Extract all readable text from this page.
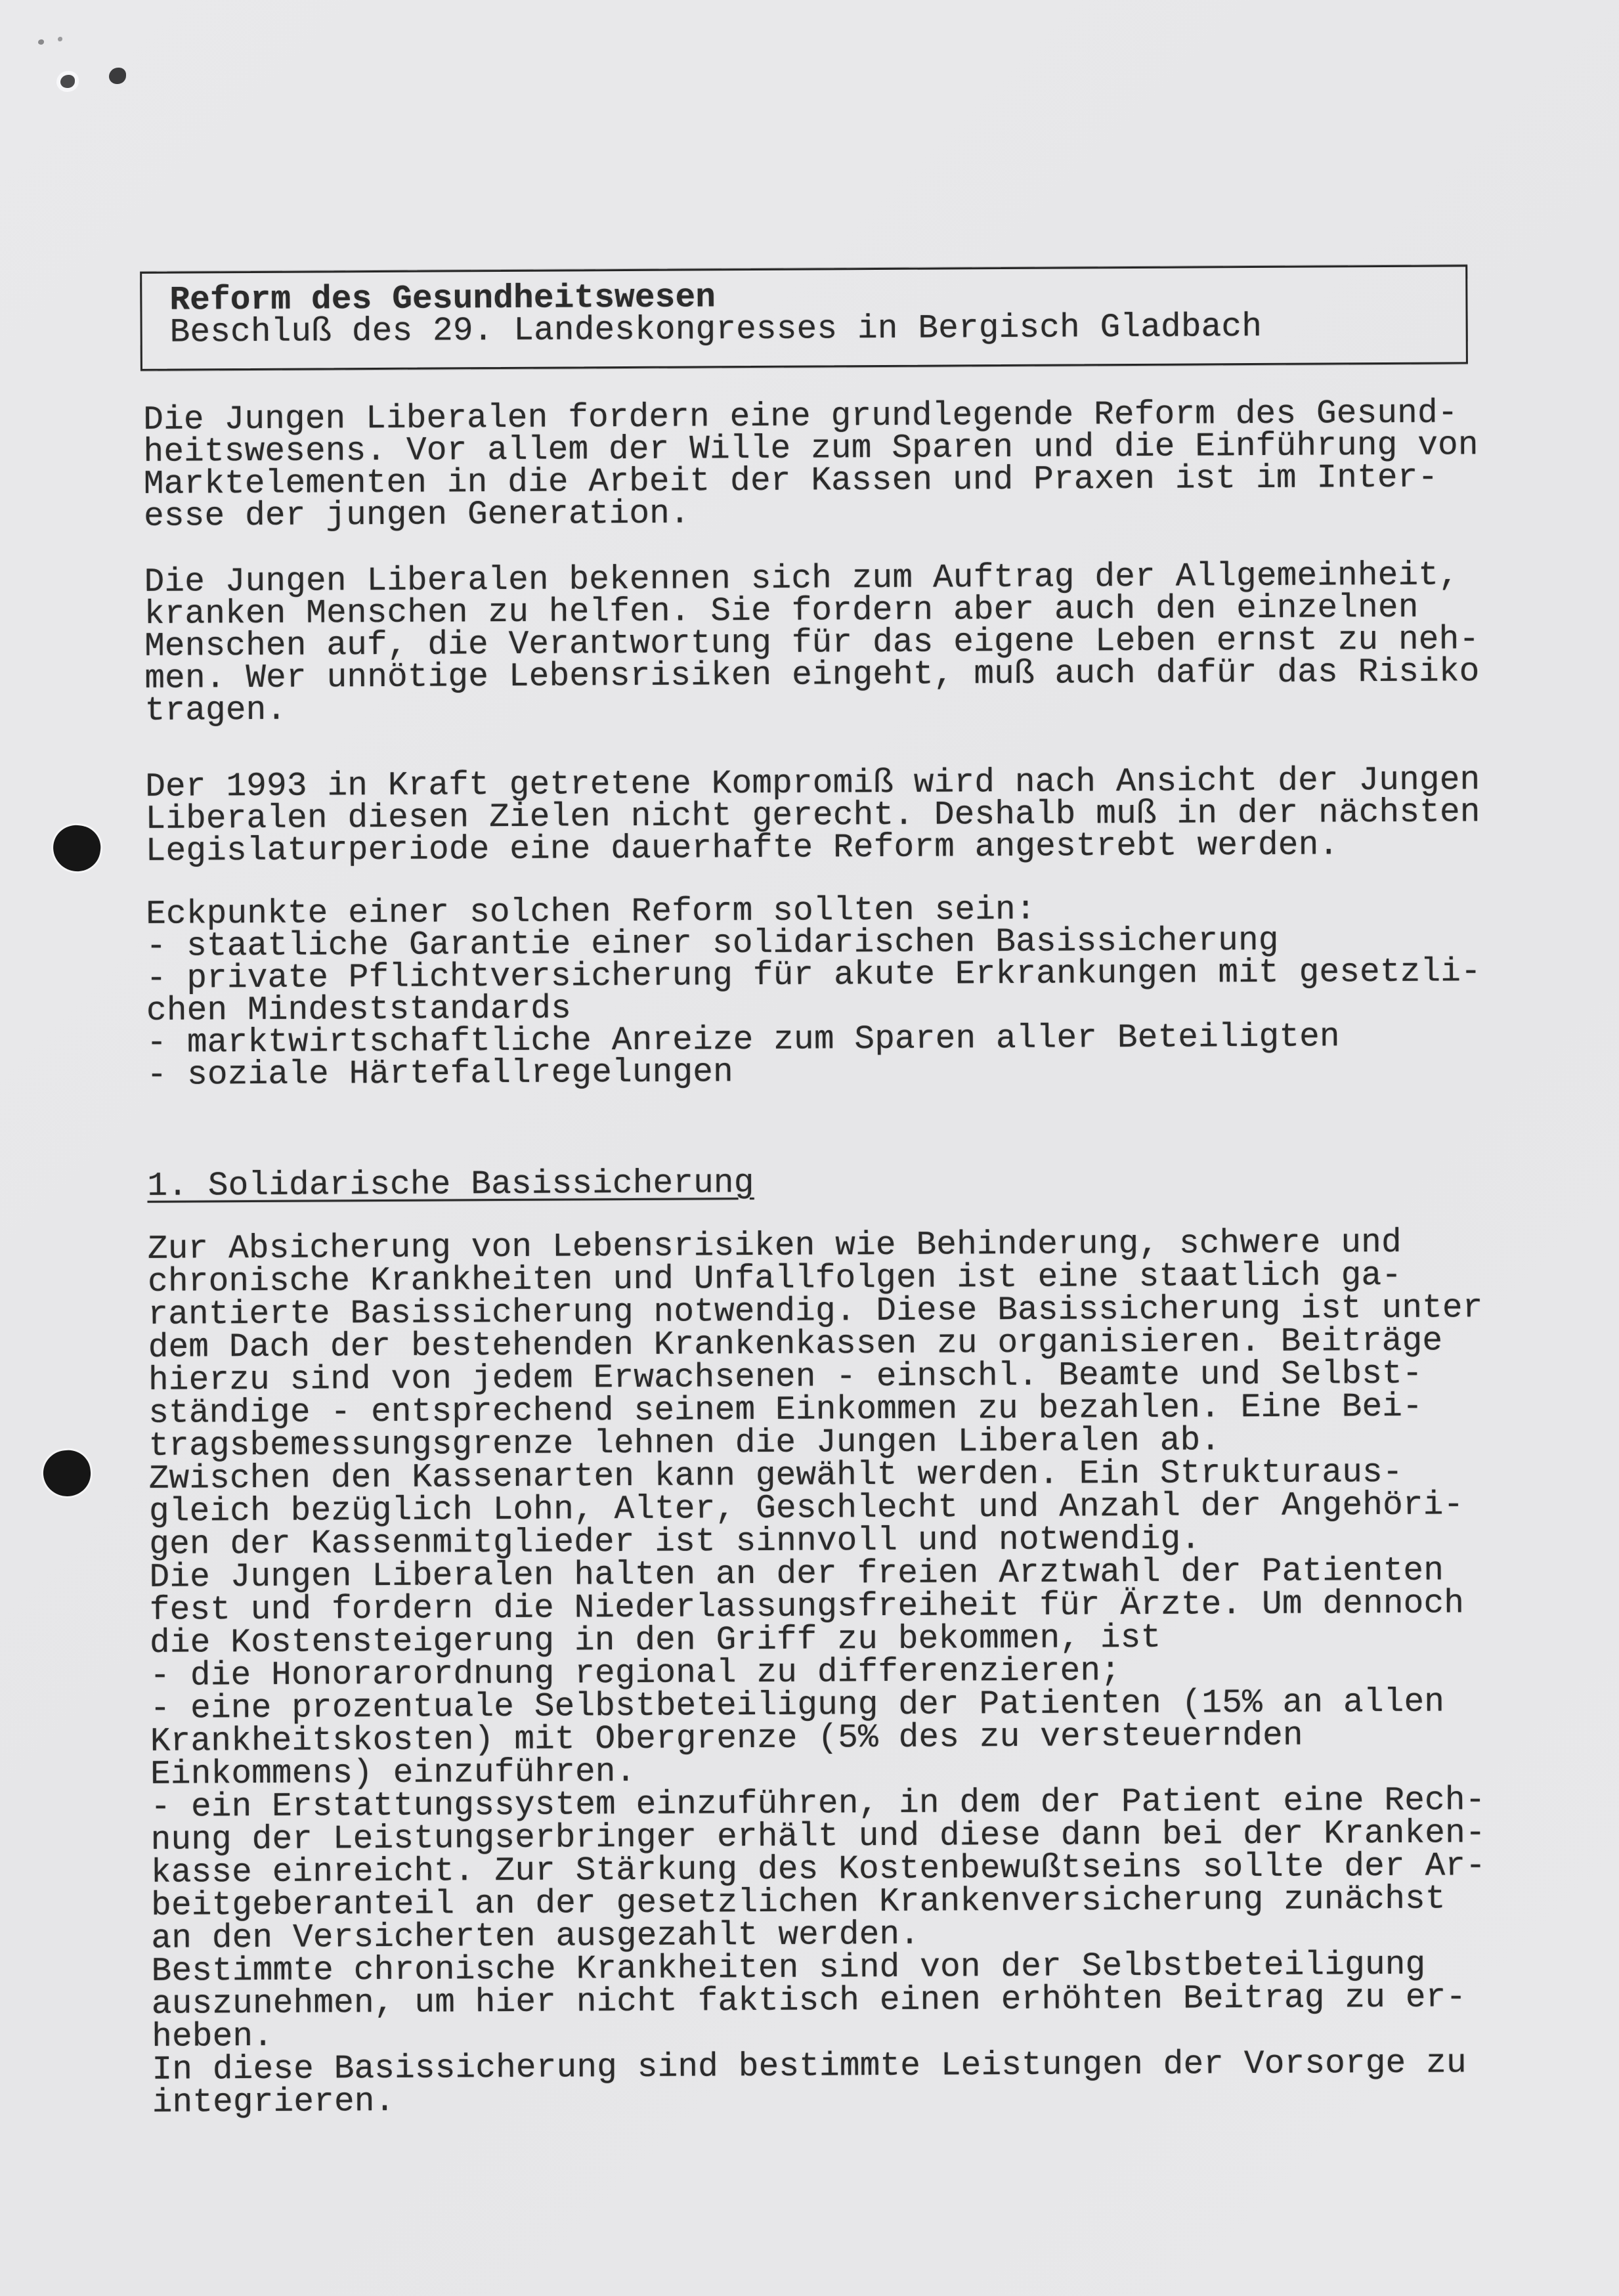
Reform des Gesundheitswesen
Beschluß des 29. Landeskongresses in Bergisch Gladbach
Die Jungen Liberalen fordern eine grundlegende Reform des Gesund-
heitswesens. Vor allem der Wille zum Sparen und die Einführung von
Marktelementen in die Arbeit der Kassen und Praxen ist im Inter-
esse der jungen Generation.
Die Jungen Liberalen bekennen sich zum Auftrag der Allgemeinheit,
kranken Menschen zu helfen. Sie fordern aber auch den einzelnen
Menschen auf, die Verantwortung für das eigene Leben ernst zu neh-
men. Wer unnötige Lebensrisiken eingeht, muß auch dafür das Risiko
tragen.
Der 1993 in Kraft getretene Kompromiß wird nach Ansicht der Jungen
Liberalen diesen Zielen nicht gerecht. Deshalb muß in der nächsten
Legislaturperiode eine dauerhafte Reform angestrebt werden.
Eckpunkte einer solchen Reform sollten sein:
- staatliche Garantie einer solidarischen Basissicherung
- private Pflichtversicherung für akute Erkrankungen mit gesetzli-
chen Mindeststandards
- marktwirtschaftliche Anreize zum Sparen aller Beteiligten
- soziale Härtefallregelungen
1. Solidarische Basissicherung
Zur Absicherung von Lebensrisiken wie Behinderung, schwere und
chronische Krankheiten und Unfallfolgen ist eine staatlich ga-
rantierte Basissicherung notwendig. Diese Basissicherung ist unter
dem Dach der bestehenden Krankenkassen zu organisieren. Beiträge
hierzu sind von jedem Erwachsenen - einschl. Beamte und Selbst-
ständige - entsprechend seinem Einkommen zu bezahlen. Eine Bei-
tragsbemessungsgrenze lehnen die Jungen Liberalen ab.
Zwischen den Kassenarten kann gewählt werden. Ein Strukturaus-
gleich bezüglich Lohn, Alter, Geschlecht und Anzahl der Angehöri-
gen der Kassenmitglieder ist sinnvoll und notwendig.
Die Jungen Liberalen halten an der freien Arztwahl der Patienten
fest und fordern die Niederlassungsfreiheit für Ärzte. Um dennoch
die Kostensteigerung in den Griff zu bekommen, ist
- die Honorarordnung regional zu differenzieren;
- eine prozentuale Selbstbeteiligung der Patienten (15% an allen
Krankheitskosten) mit Obergrenze (5% des zu versteuernden
Einkommens) einzuführen.
- ein Erstattungssystem einzuführen, in dem der Patient eine Rech-
nung der Leistungserbringer erhält und diese dann bei der Kranken-
kasse einreicht. Zur Stärkung des Kostenbewußtseins sollte der Ar-
beitgeberanteil an der gesetzlichen Krankenversicherung zunächst
an den Versicherten ausgezahlt werden.
Bestimmte chronische Krankheiten sind von der Selbstbeteiligung
auszunehmen, um hier nicht faktisch einen erhöhten Beitrag zu er-
heben.
In diese Basissicherung sind bestimmte Leistungen der Vorsorge zu
integrieren.
